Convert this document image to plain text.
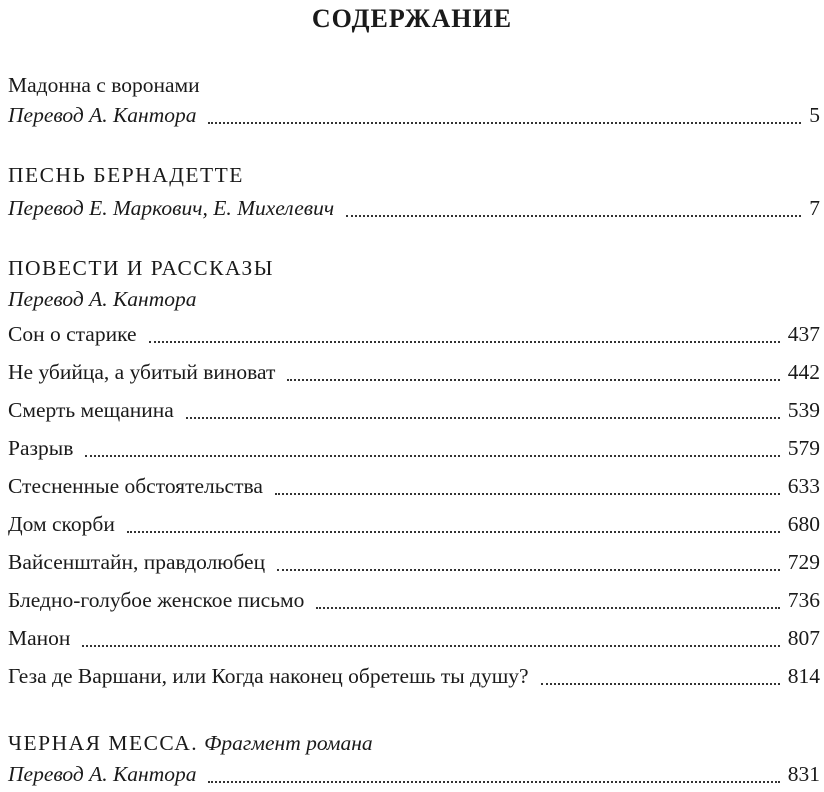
СОДЕРЖАНИЕ
Мадонна с воронами
Перевод А. Кантора	5
ПЕСНЬ БЕРНАДЕТТЕ
Перевод Е. Маркович, Е. Михелевич	7
ПОВЕСТИ И РАССКАЗЫ
Перевод А. Кантора
Сон о старике	437
Не убийца, а убитый виноват	442
Смерть мещанина	539
Разрыв	579
Стесненные обстоятельства	633
Дом скорби	680
Вайсенштайн, правдолюбец	729
Бледно-голубое женское письмо	736
Манон	807
Геза де Варшани, или Когда наконец обретешь ты душу?	814
ЧЕРНАЯ МЕССА. Фрагмент романа
Перевод А. Кантора	831
